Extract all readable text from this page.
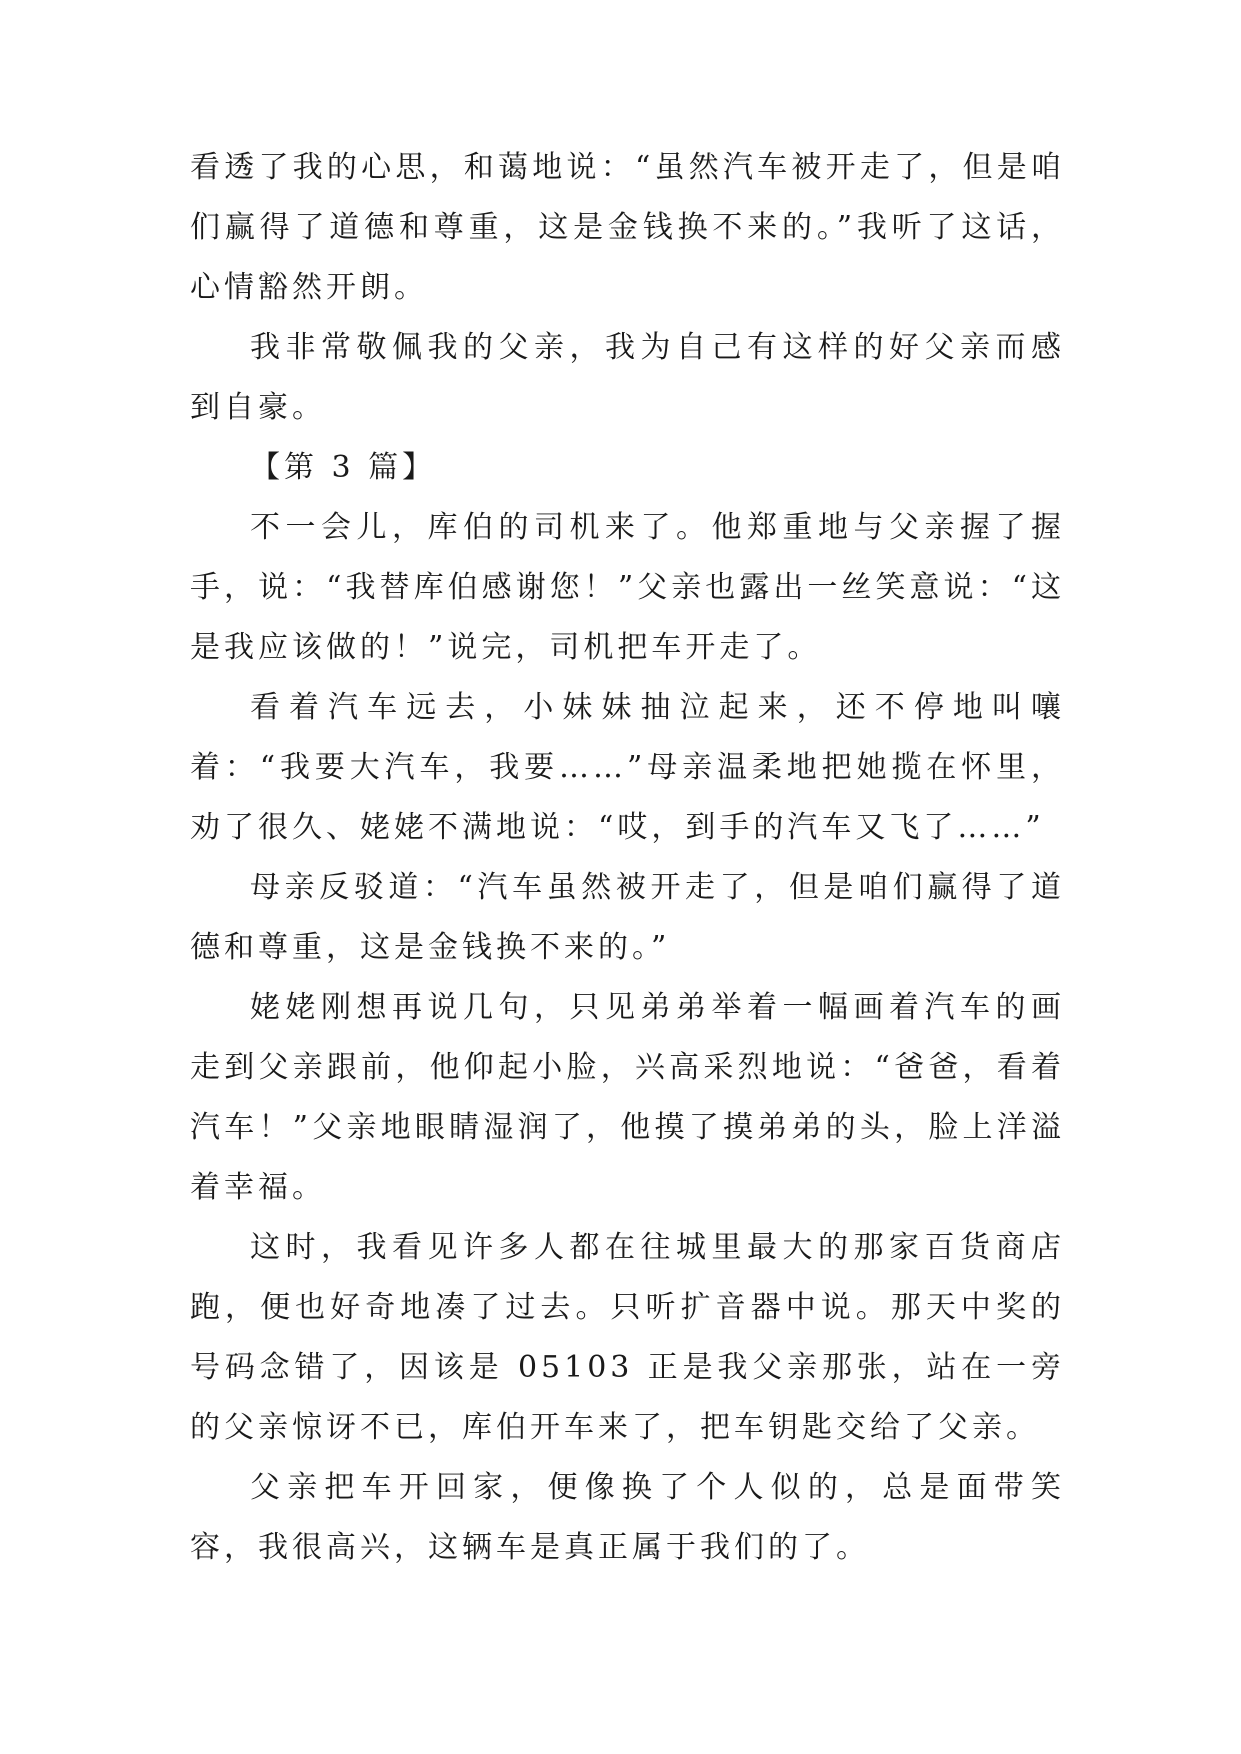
看透了我的心思，和蔼地说：“虽然汽车被开走了，但是咱们赢得了道德和尊重，这是金钱换不来的。”我听了这话，心情豁然开朗。

我非常敬佩我的父亲，我为自己有这样的好父亲而感到自豪。

【第 3 篇】

不一会儿，库伯的司机来了。他郑重地与父亲握了握手，说：“我替库伯感谢您！”父亲也露出一丝笑意说：“这是我应该做的！”说完，司机把车开走了。

看着汽车远去，小妹妹抽泣起来，还不停地叫嚷着：“我要大汽车，我要……”母亲温柔地把她揽在怀里，劝了很久、姥姥不满地说：“哎，到手的汽车又飞了……”

母亲反驳道：“汽车虽然被开走了，但是咱们赢得了道德和尊重，这是金钱换不来的。”

姥姥刚想再说几句，只见弟弟举着一幅画着汽车的画走到父亲跟前，他仰起小脸，兴高采烈地说：“爸爸，看着汽车！”父亲地眼睛湿润了，他摸了摸弟弟的头，脸上洋溢着幸福。

这时，我看见许多人都在往城里最大的那家百货商店跑，便也好奇地凑了过去。只听扩音器中说。那天中奖的号码念错了，因该是 05103 正是我父亲那张，站在一旁的父亲惊讶不已，库伯开车来了，把车钥匙交给了父亲。

父亲把车开回家，便像换了个人似的，总是面带笑容，我很高兴，这辆车是真正属于我们的了。
